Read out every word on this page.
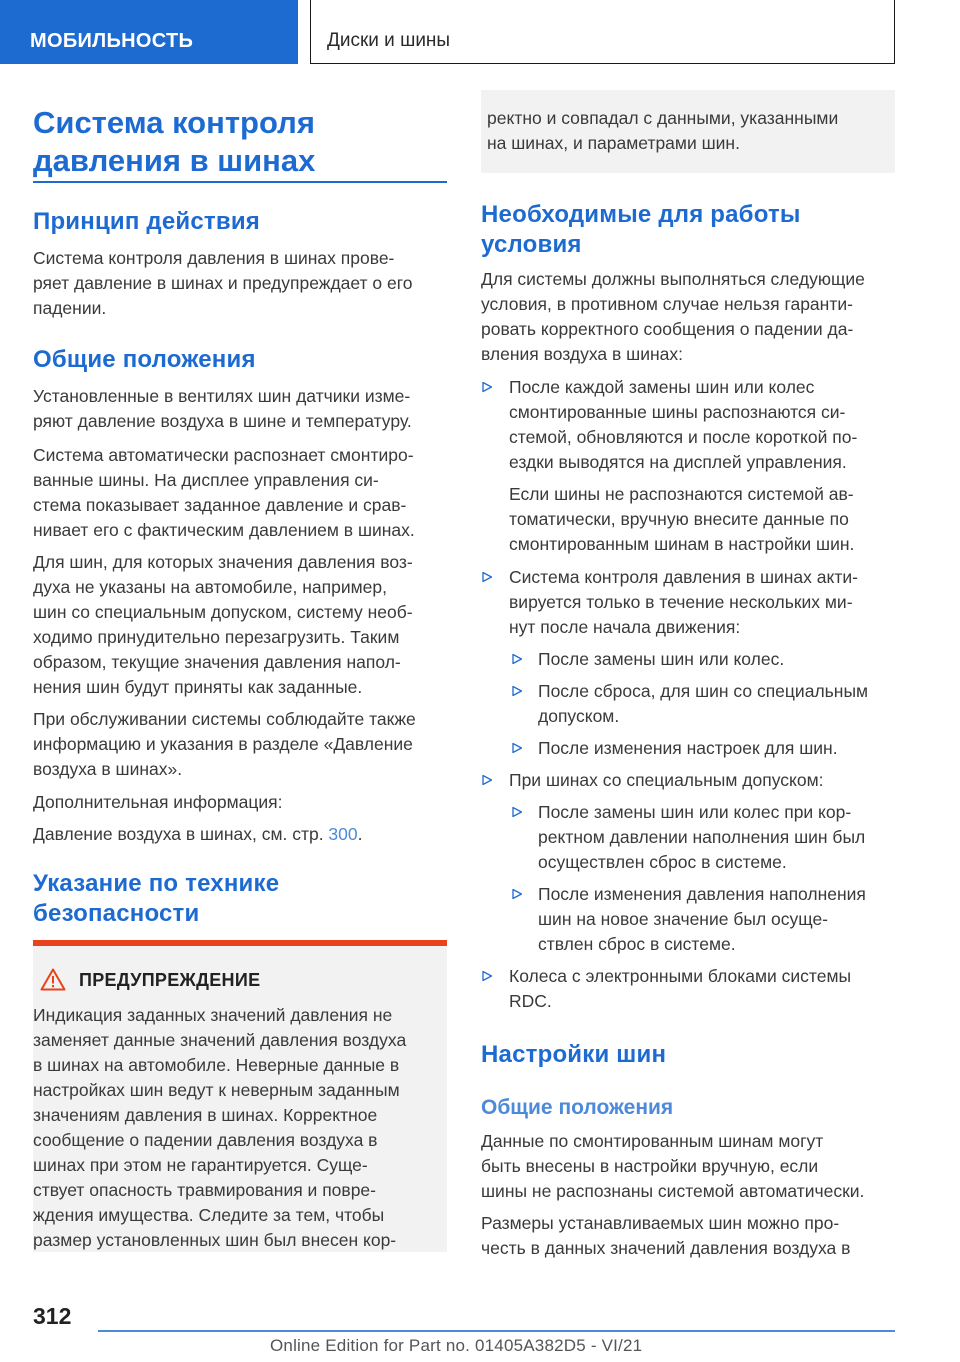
МОБИЛЬНОСТЬ	Диски и шины
Система контроля
давления в шинах
Принцип действия
Система контроля давления в шинах прове-
ряет давление в шинах и предупреждает о его
падении.
Общие положения
Установленные в вентилях шин датчики изме-
ряют давление воздуха в шине и температуру.
Система автоматически распознает смонтиро-
ванные шины. На дисплее управления си-
стема показывает заданное давление и срав-
нивает его с фактическим давлением в шинах.
Для шин, для которых значения давления воз-
духа не указаны на автомобиле, например,
шин со специальным допуском, систему необ-
ходимо принудительно перезагрузить. Таким
образом, текущие значения давления напол-
нения шин будут приняты как заданные.
При обслуживании системы соблюдайте также
информацию и указания в разделе «Давление
воздуха в шинах».
Дополнительная информация:
Давление воздуха в шинах, см. стр. 300.
Указание по технике
безопасности
ПРЕДУПРЕЖДЕНИЕ
Индикация заданных значений давления не
заменяет данные значений давления воздуха
в шинах на автомобиле. Неверные данные в
настройках шин ведут к неверным заданным
значениям давления в шинах. Корректное
сообщение о падении давления воздуха в
шинах при этом не гарантируется. Суще-
ствует опасность травмирования и повре-
ждения имущества. Следите за тем, чтобы
размер установленных шин был внесен кор-
ректно и совпадал с данными, указанными
на шинах, и параметрами шин.
Необходимые для работы
условия
Для системы должны выполняться следующие
условия, в противном случае нельзя гаранти-
ровать корректного сообщения о падении да-
вления воздуха в шинах:
После каждой замены шин или колес
смонтированные шины распознаются си-
стемой, обновляются и после короткой по-
ездки выводятся на дисплей управления.
Если шины не распознаются системой ав-
томатически, вручную внесите данные по
смонтированным шинам в настройки шин.
Система контроля давления в шинах акти-
вируется только в течение нескольких ми-
нут после начала движения:
После замены шин или колес.
После сброса, для шин со специальным
допуском.
После изменения настроек для шин.
При шинах со специальным допуском:
После замены шин или колес при кор-
ректном давлении наполнения шин был
осуществлен сброс в системе.
После изменения давления наполнения
шин на новое значение был осуще-
ствлен сброс в системе.
Колеса с электронными блоками системы
RDC.
Настройки шин
Общие положения
Данные по смонтированным шинам могут
быть внесены в настройки вручную, если
шины не распознаны системой автоматически.
Размеры устанавливаемых шин можно про-
честь в данных значений давления воздуха в
312
Online Edition for Part no. 01405A382D5 - VI/21
